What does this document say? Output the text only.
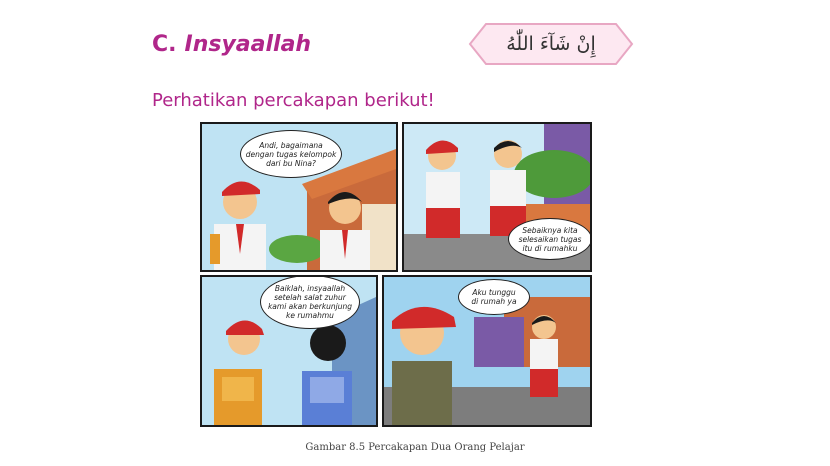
C. Insyaallah	إِنْ شَآءَ اللّٰهُ
Perhatikan percakapan berikut!
Andi, bagaimana
dengan tugas kelompok
dari bu Nina?
Sebaiknya kita
selesaikan tugas
itu di rumahku
Baiklah, insyaallah
setelah salat zuhur
kami akan berkunjung
ke rumahmu
Aku tunggu
di rumah ya
Gambar 8.5 Percakapan Dua Orang Pelajar
